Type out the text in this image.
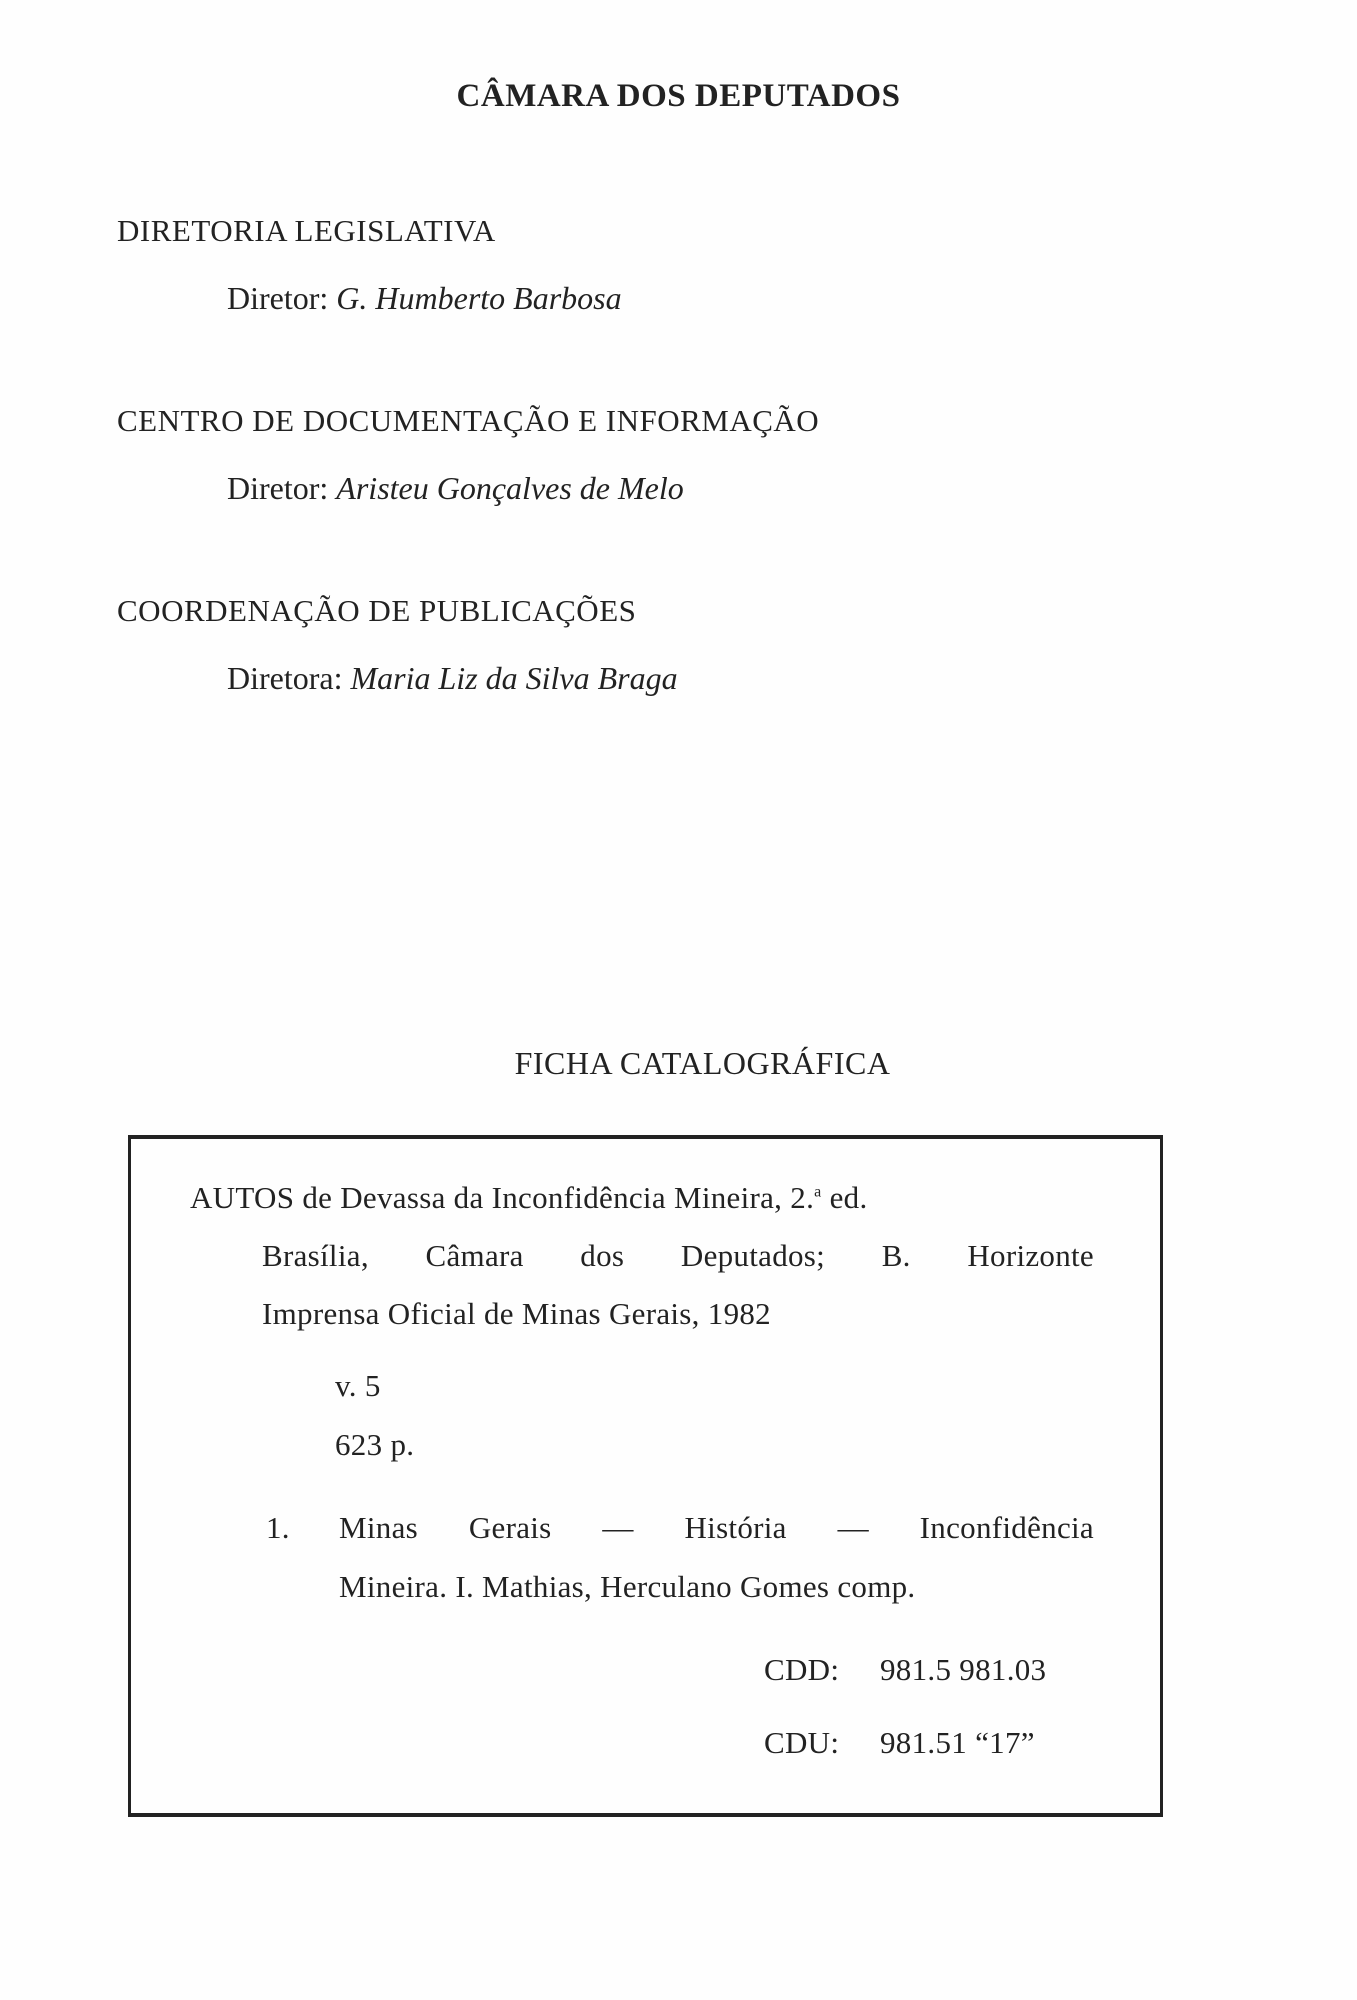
CÂMARA DOS DEPUTADOS
DIRETORIA LEGISLATIVA
Diretor: G. Humberto Barbosa
CENTRO DE DOCUMENTAÇÃO E INFORMAÇÃO
Diretor: Aristeu Gonçalves de Melo
COORDENAÇÃO DE PUBLICAÇÕES
Diretora: Maria Liz da Silva Braga
FICHA CATALOGRÁFICA
AUTOS de Devassa da Inconfidência Mineira, 2.$^a$ ed.
Brasília, Câmara dos Deputados; B. Horizonte
Imprensa Oficial de Minas Gerais, 1982
v. 5
623 p.
1. Minas Gerais — História — Inconfidência
Mineira. I. Mathias, Herculano Gomes comp.
CDD: 981.5 981.03
CDU: 981.51 “17”
